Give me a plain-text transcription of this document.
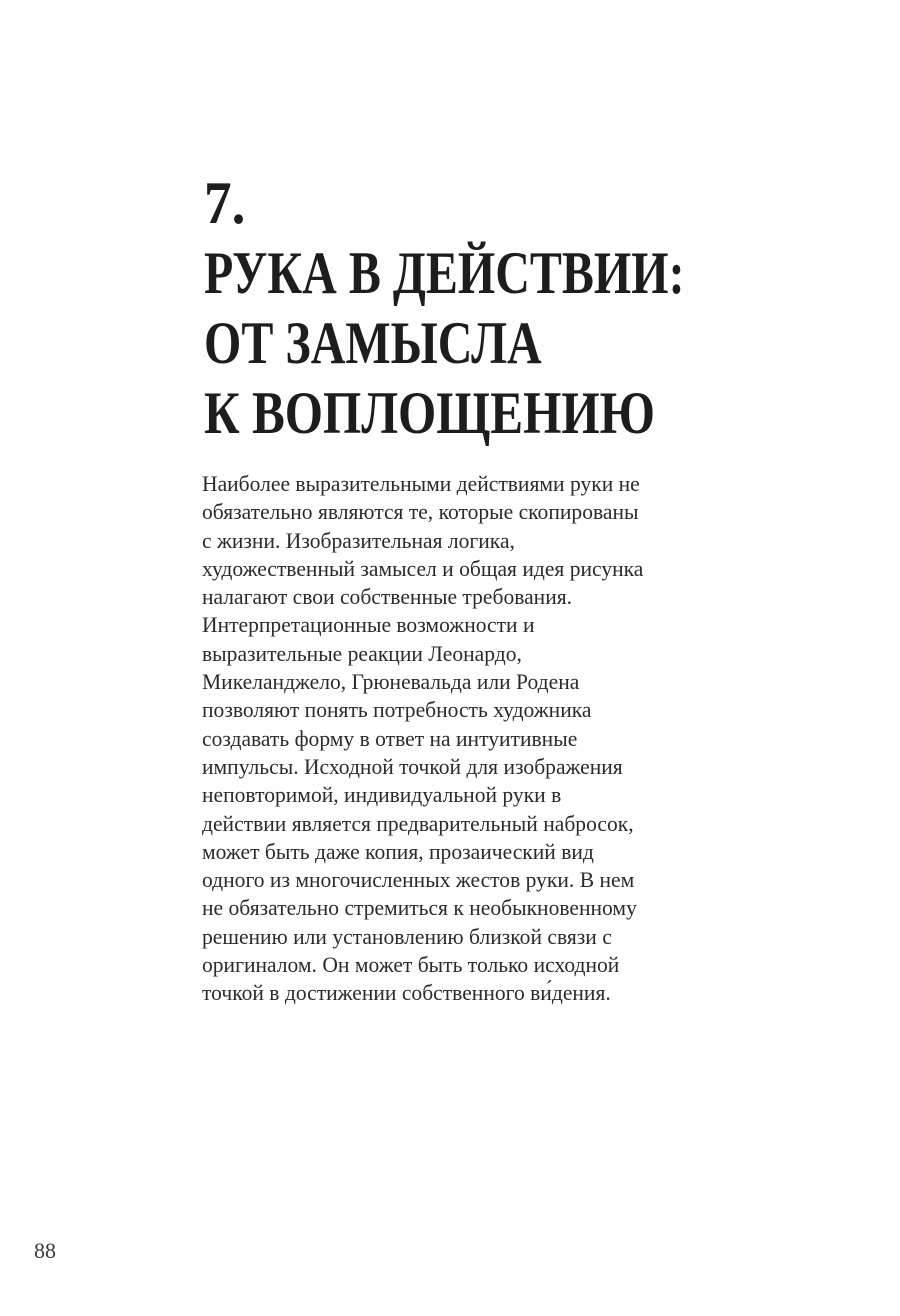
7.
РУКА В ДЕЙСТВИИ:
ОТ ЗАМЫСЛА
К ВОПЛОЩЕНИЮ
Наиболее выразительными действиями руки не
обязательно являются те, которые скопированы
с жизни. Изобразительная логика,
художественный замысел и общая идея рисунка
налагают свои собственные требования.
Интерпретационные возможности и
выразительные реакции Леонардо,
Микеланджело, Грюневальда или Родена
позволяют понять потребность художника
создавать форму в ответ на интуитивные
импульсы. Исходной точкой для изображения
неповторимой, индивидуальной руки в
действии является предварительный набросок,
может быть даже копия, прозаический вид
одного из многочисленных жестов руки. В нем
не обязательно стремиться к необыкновенному
решению или установлению близкой связи с
оригиналом. Он может быть только исходной
точкой в достижении собственного ви́дения.
88
